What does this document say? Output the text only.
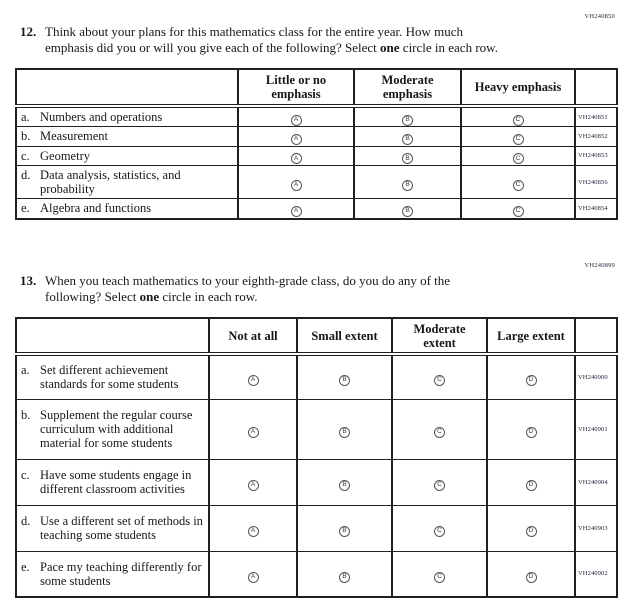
VH240850
12. Think about your plans for this mathematics class for the entire year. How much
emphasis did you or will you give each of the following? Select one circle in each row.

	Little or no emphasis	Moderate emphasis	Heavy emphasis	

a. Numbers and operations	A	B	C	VH240851

b. Measurement	A	B	C	VH240852

c. Geometry	A	B	C	VH240853

d. Data analysis, statistics, and probability	A	B	C	VH240856

e. Algebra and functions	A	B	C	VH240854
VH240899
13. When you teach mathematics to your eighth-grade class, do you do any of the
following? Select one circle in each row.

	Not at all	Small extent	Moderate extent	Large extent	

a. Set different achievement standards for some students	A	B	C	D	VH240900

b. Supplement the regular course curriculum with additional material for some students	A	B	C	D	VH240901

c. Have some students engage in different classroom activities	A	B	C	D	VH240904

d. Use a different set of methods in teaching some students	A	B	C	D	VH240903

e. Pace my teaching differently for some students	A	B	C	D	VH240902
